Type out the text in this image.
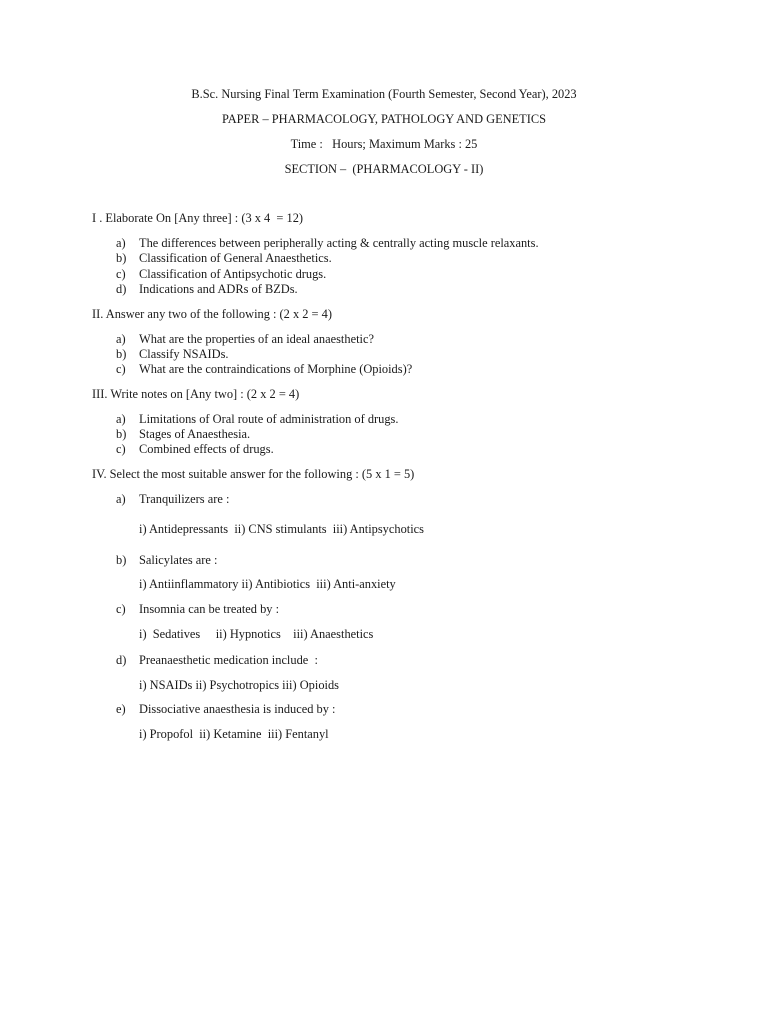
B.Sc. Nursing Final Term Examination (Fourth Semester, Second Year), 2023
PAPER – PHARMACOLOGY, PATHOLOGY AND GENETICS
Time :   Hours; Maximum Marks : 25
SECTION –  (PHARMACOLOGY - II)
I . Elaborate On [Any three] : (3 x 4  = 12)
a) The differences between peripherally acting & centrally acting muscle relaxants.
b) Classification of General Anaesthetics.
c) Classification of Antipsychotic drugs.
d) Indications and ADRs of BZDs.
II. Answer any two of the following : (2 x 2 = 4)
a) What are the properties of an ideal anaesthetic?
b) Classify NSAIDs.
c) What are the contraindications of Morphine (Opioids)?
III. Write notes on [Any two] : (2 x 2 = 4)
a) Limitations of Oral route of administration of drugs.
b) Stages of Anaesthesia.
c) Combined effects of drugs.
IV. Select the most suitable answer for the following : (5 x 1 = 5)
a) Tranquilizers are :
i) Antidepressants  ii) CNS stimulants  iii) Antipsychotics
b) Salicylates are :
i) Antiinflammatory ii) Antibiotics  iii) Anti-anxiety
c) Insomnia can be treated by :
i)  Sedatives     ii) Hypnotics    iii) Anaesthetics
d) Preanaesthetic medication include  :
i) NSAIDs ii) Psychotropics iii) Opioids
e) Dissociative anaesthesia is induced by :
i) Propofol  ii) Ketamine  iii) Fentanyl
